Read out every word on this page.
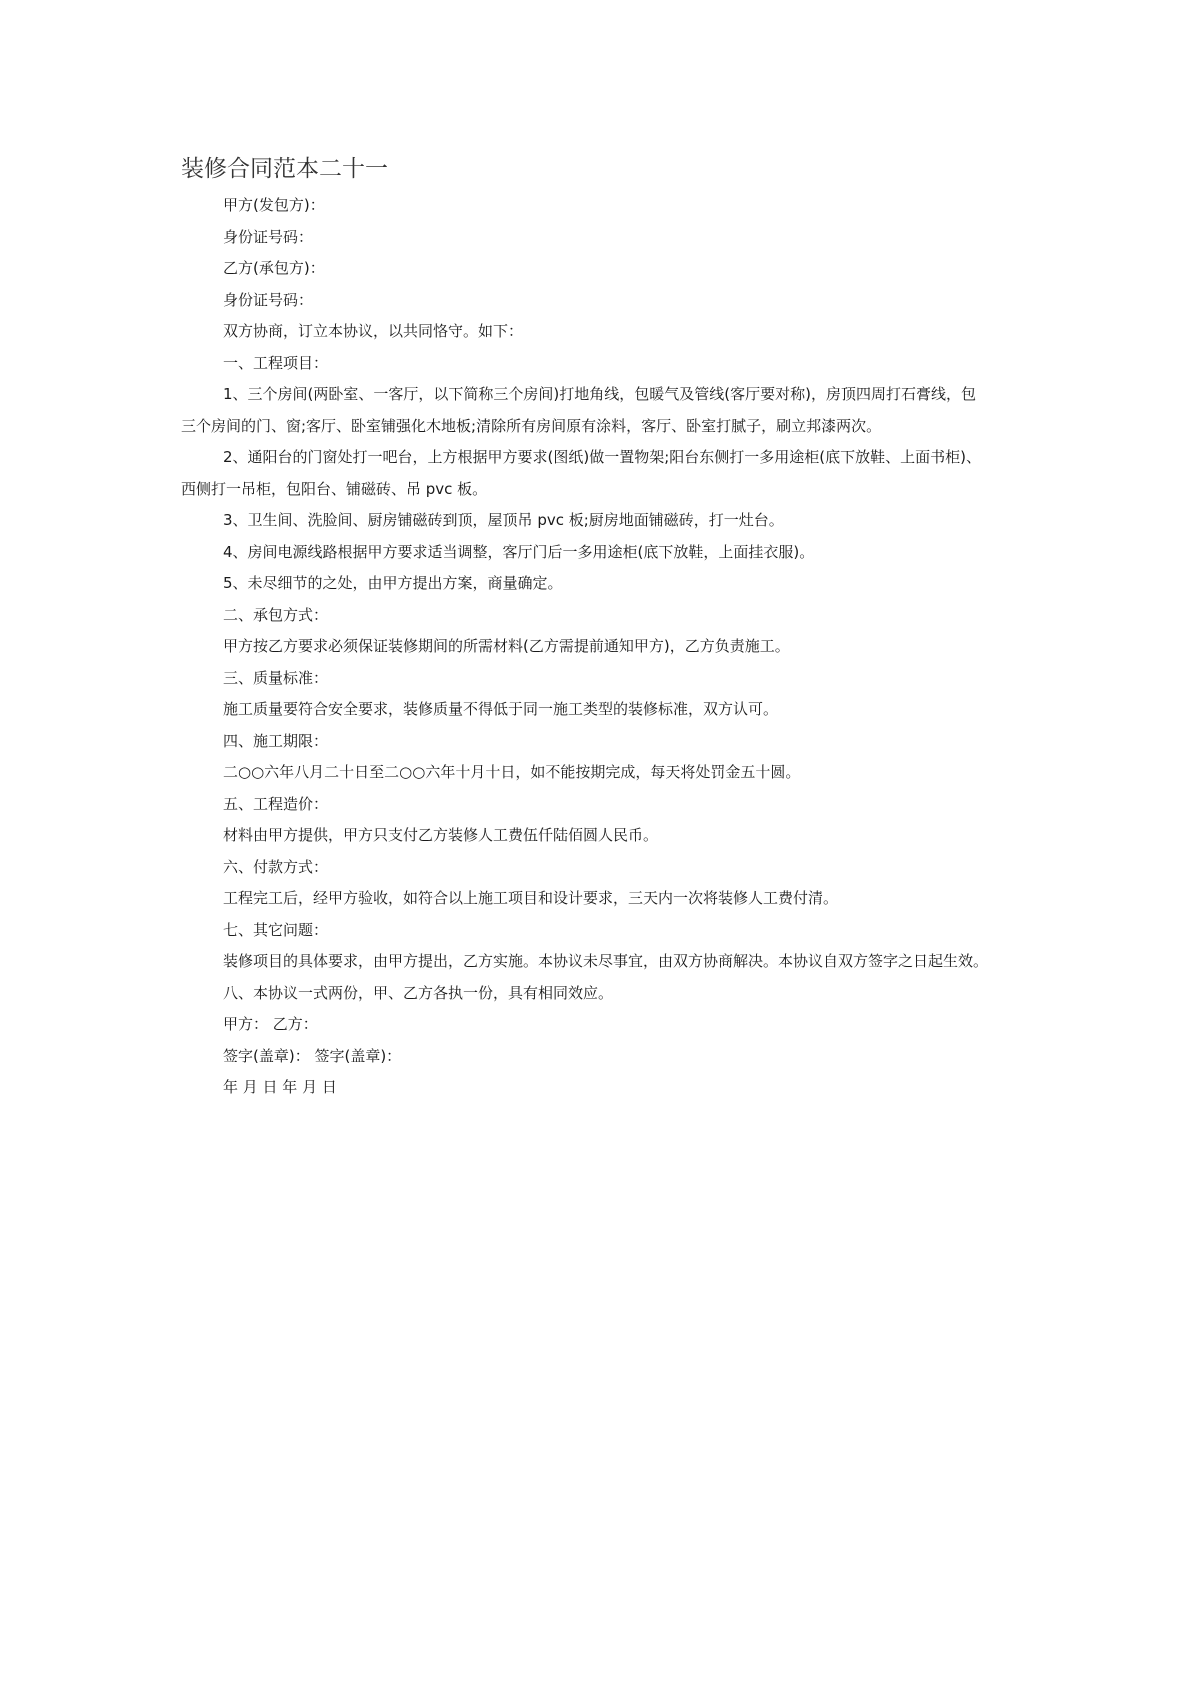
装修合同范本二十一

甲方(发包方)：

身份证号码：

乙方(承包方)：

身份证号码：

双方协商，订立本协议，以共同恪守。如下：

一、工程项目：

1、三个房间(两卧室、一客厅，以下简称三个房间)打地角线，包暖气及管线(客厅要对称)，房顶四周打石膏线，包

三个房间的门、窗;客厅、卧室铺强化木地板;清除所有房间原有涂料，客厅、卧室打腻子，刷立邦漆两次。

2、通阳台的门窗处打一吧台，上方根据甲方要求(图纸)做一置物架;阳台东侧打一多用途柜(底下放鞋、上面书柜)、

西侧打一吊柜，包阳台、铺磁砖、吊 pvc 板。

3、卫生间、洗脸间、厨房铺磁砖到顶，屋顶吊 pvc 板;厨房地面铺磁砖，打一灶台。

4、房间电源线路根据甲方要求适当调整，客厅门后一多用途柜(底下放鞋，上面挂衣服)。

5、未尽细节的之处，由甲方提出方案，商量确定。

二、承包方式：

甲方按乙方要求必须保证装修期间的所需材料(乙方需提前通知甲方)，乙方负责施工。

三、质量标准：

施工质量要符合安全要求，装修质量不得低于同一施工类型的装修标准，双方认可。

四、施工期限：

二○○六年八月二十日至二○○六年十月十日，如不能按期完成，每天将处罚金五十圆。

五、工程造价：

材料由甲方提供，甲方只支付乙方装修人工费伍仟陆佰圆人民币。

六、付款方式：

工程完工后，经甲方验收，如符合以上施工项目和设计要求，三天内一次将装修人工费付清。

七、其它问题：

装修项目的具体要求，由甲方提出，乙方实施。本协议未尽事宜，由双方协商解决。本协议自双方签字之日起生效。

八、本协议一式两份，甲、乙方各执一份，具有相同效应。

甲方： 乙方：

签字(盖章)： 签字(盖章)：

年 月 日 年 月 日
